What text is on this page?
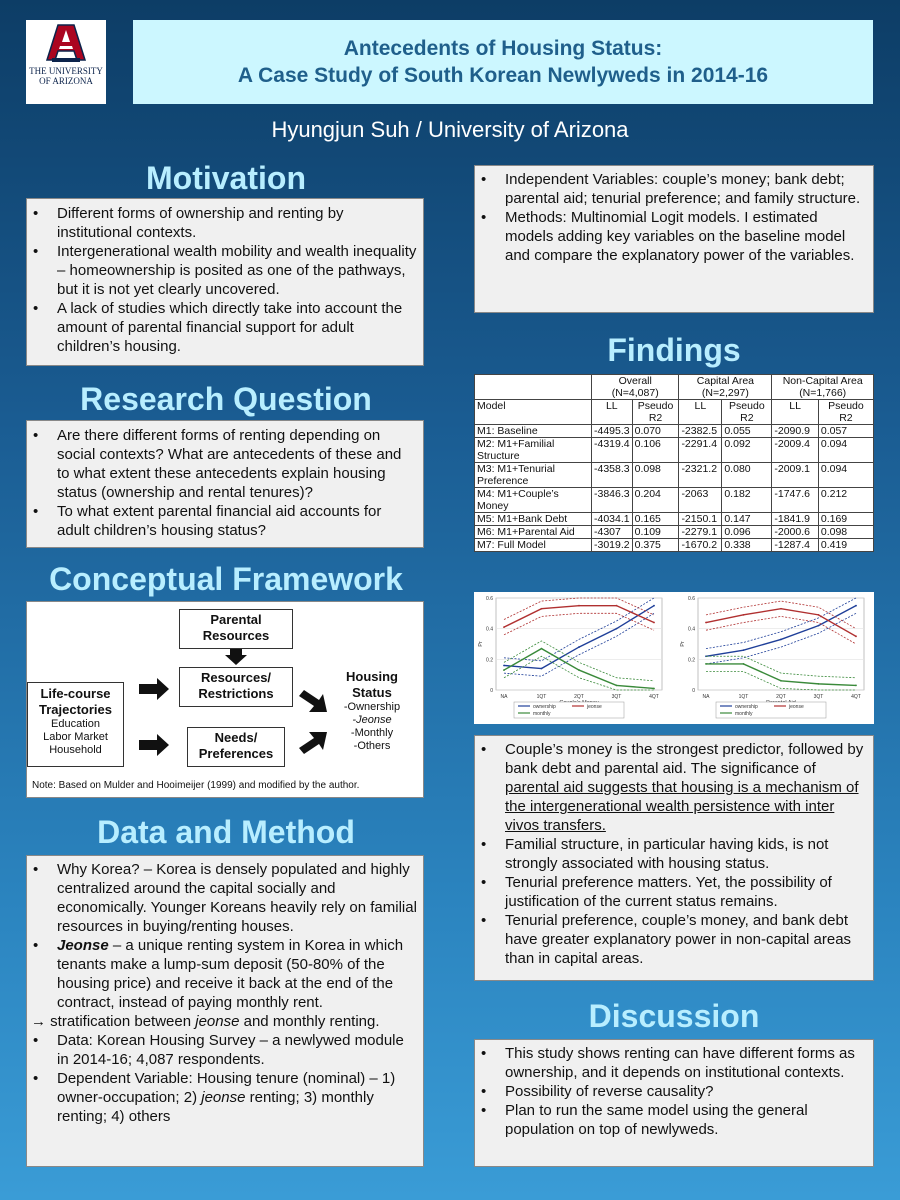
THE UNIVERSITY
OF ARIZONA
Antecedents of Housing Status:
A Case Study of South Korean Newlyweds in 2014-16
Hyungjun Suh / University of Arizona
Motivation
• Different forms of ownership and renting by institutional contexts.
• Intergenerational wealth mobility and wealth inequality – homeownership is posited as one of the pathways, but it is not yet clearly uncovered.
• A lack of studies which directly take into account the amount of parental financial support for adult children’s housing.
Research Question
• Are there different forms of renting depending on social contexts? What are antecedents of these and to what extent these antecedents explain housing status (ownership and rental tenures)?
• To what extent parental financial aid accounts for adult children’s housing status?
Conceptual Framework
Parental Resources
Resources/ Restrictions
Needs/ Preferences
Life-course Trajectories
Education
Labor Market
Household
Housing Status
-Ownership
-Jeonse
-Monthly
-Others
Note: Based on Mulder and Hooimeijer (1999) and modified by the author.
Data and Method
• Why Korea? – Korea is densely populated and highly centralized around the capital socially and economically. Younger Koreans heavily rely on familial resources in buying/renting houses.
• Jeonse – a unique renting system in Korea in which tenants make a lump-sum deposit (50-80% of the housing price) and receive it back at the end of the contract, instead of paying monthly rent.
→ stratification between jeonse and monthly renting.
• Data: Korean Housing Survey – a newlywed module in 2014-16; 4,087 respondents.
• Dependent Variable: Housing tenure (nominal) – 1) owner-occupation; 2) jeonse renting; 3) monthly renting; 4) others
• Independent Variables: couple’s money; bank debt; parental aid; tenurial preference; and family structure.
• Methods: Multinomial Logit models. I estimated models adding key variables on the baseline model and compare the explanatory power of the variables.
Findings
	Overall (N=4,087)		Capital Area (N=2,297)		Non-Capital Area (N=1,766)	
Model	LL	Pseudo R2	LL	Pseudo R2	LL	Pseudo R2
M1: Baseline	-4495.3	0.070	-2382.5	0.055	-2090.9	0.057
M2: M1+Familial Structure	-4319.4	0.106	-2291.4	0.092	-2009.4	0.094
M3: M1+Tenurial Preference	-4358.3	0.098	-2321.2	0.080	-2009.1	0.094
M4: M1+Couple’s Money	-3846.3	0.204	-2063	0.182	-1747.6	0.212
M5: M1+Bank Debt	-4034.1	0.165	-2150.1	0.147	-1841.9	0.169
M6: M1+Parental Aid	-4307	0.109	-2279.1	0.096	-2000.6	0.098
M7: Full Model	-3019.2	0.375	-1670.2	0.338	-1287.4	0.419
0
0.2
0.4
0.6
NA	1QT	2QT	3QT	4QT
Pr
ownership	jeonse
monthly
0
0.2
0.4
0.6
NA	1QT	2QT	3QT	4QT
Pr
ownership	jeonse
monthly
• Couple’s money is the strongest predictor, followed by bank debt and parental aid. The significance of parental aid suggests that housing is a mechanism of the intergenerational wealth persistence with inter vivos transfers.
• Familial structure, in particular having kids, is not strongly associated with housing status.
• Tenurial preference matters. Yet, the possibility of justification of the current status remains.
• Tenurial preference, couple’s money, and bank debt have greater explanatory power in non-capital areas than in capital areas.
Discussion
• This study shows renting can have different forms as ownership, and it depends on institutional contexts.
• Possibility of reverse causality?
• Plan to run the same model using the general population on top of newlyweds.
